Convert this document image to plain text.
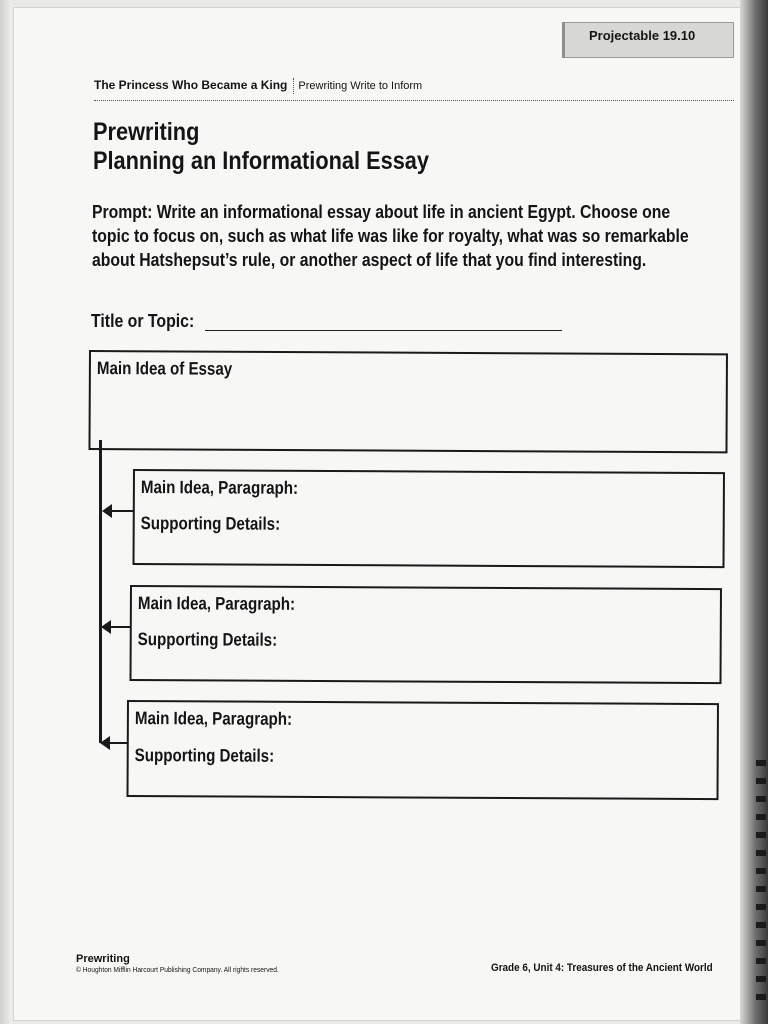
Projectable 19.10
The Princess Who Became a King Prewriting Write to Inform
Prewriting
Planning an Informational Essay

Prompt: Write an informational essay about life in ancient Egypt. Choose one topic to focus on, such as what life was like for royalty, what was so remarkable about Hatshepsut’s rule, or another aspect of life that you find interesting.

Title or Topic:
Main Idea of Essay
Main Idea, Paragraph:
Supporting Details:
Main Idea, Paragraph:
Supporting Details:
Main Idea, Paragraph:
Supporting Details:
Prewriting
© Houghton Mifflin Harcourt Publishing Company. All rights reserved.	Grade 6, Unit 4: Treasures of the Ancient World
